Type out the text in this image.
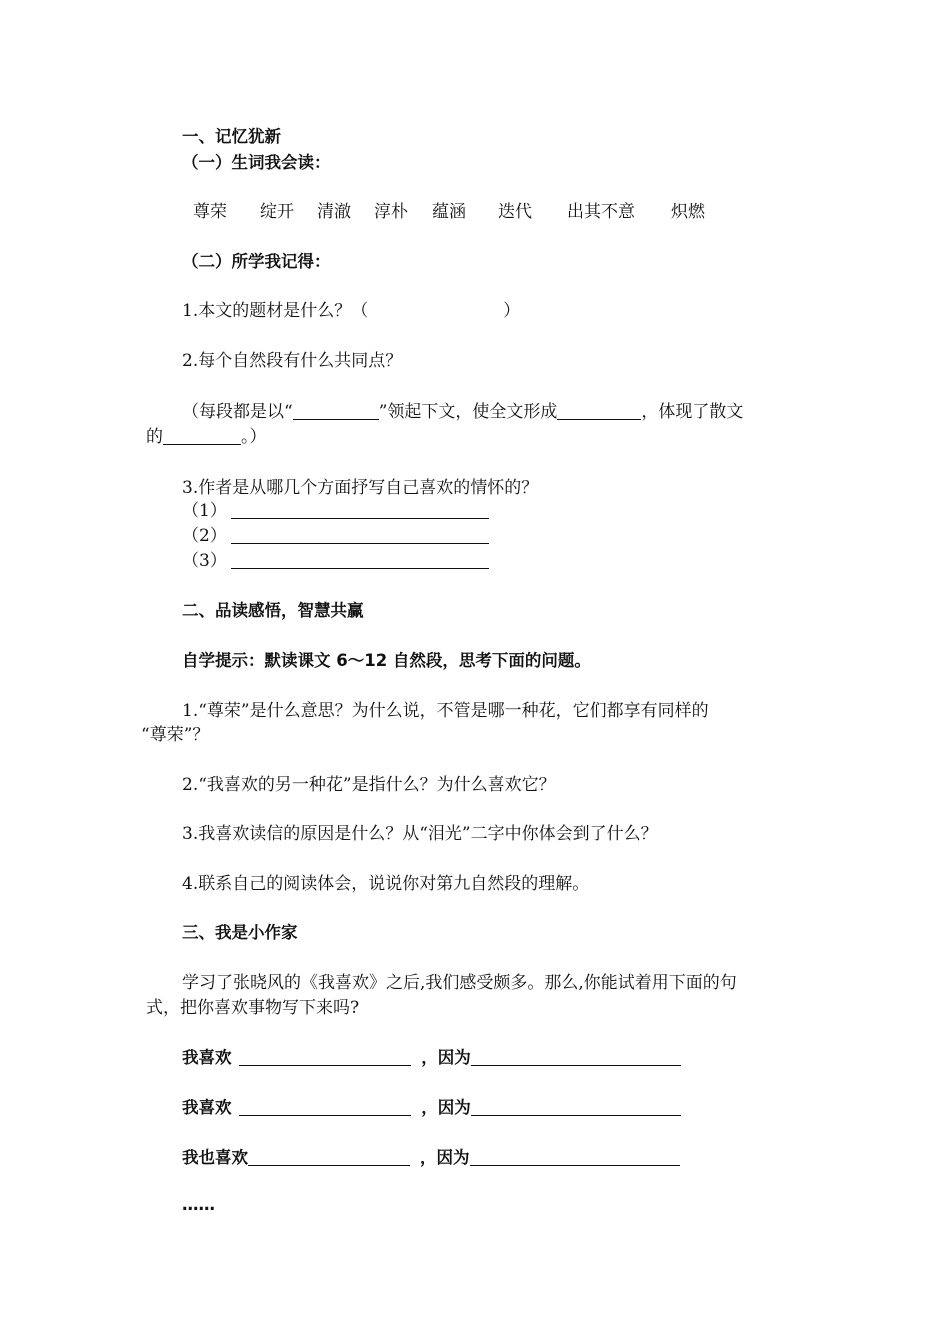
一、记忆犹新
（一）生词我会读：
尊荣 绽开 清澈 淳朴 蕴涵 迭代 出其不意 炽燃
（二）所学我记得：
1.本文的题材是什么？（	）
2.每个自然段有什么共同点？
（每段都是以“	”领起下文，使全文形成	，体现了散文
的	。）
3.作者是从哪几个方面抒写自己喜欢的情怀的？
（1）
（2）
（3）
二、品读感悟，智慧共赢
自学提示：默读课文 6～12 自然段，思考下面的问题。
1.“尊荣”是什么意思？为什么说，不管是哪一种花，它们都享有同样的
“尊荣”？
2.“我喜欢的另一种花”是指什么？为什么喜欢它？
3.我喜欢读信的原因是什么？从“泪光”二字中你体会到了什么？
4.联系自己的阅读体会，说说你对第九自然段的理解。
三、我是小作家
学习了张晓风的《我喜欢》之后,我们感受颇多。那么,你能试着用下面的句
式，把你喜欢事物写下来吗?
我喜欢	，因为
我喜欢	，因为
我也喜欢	，因为
……
